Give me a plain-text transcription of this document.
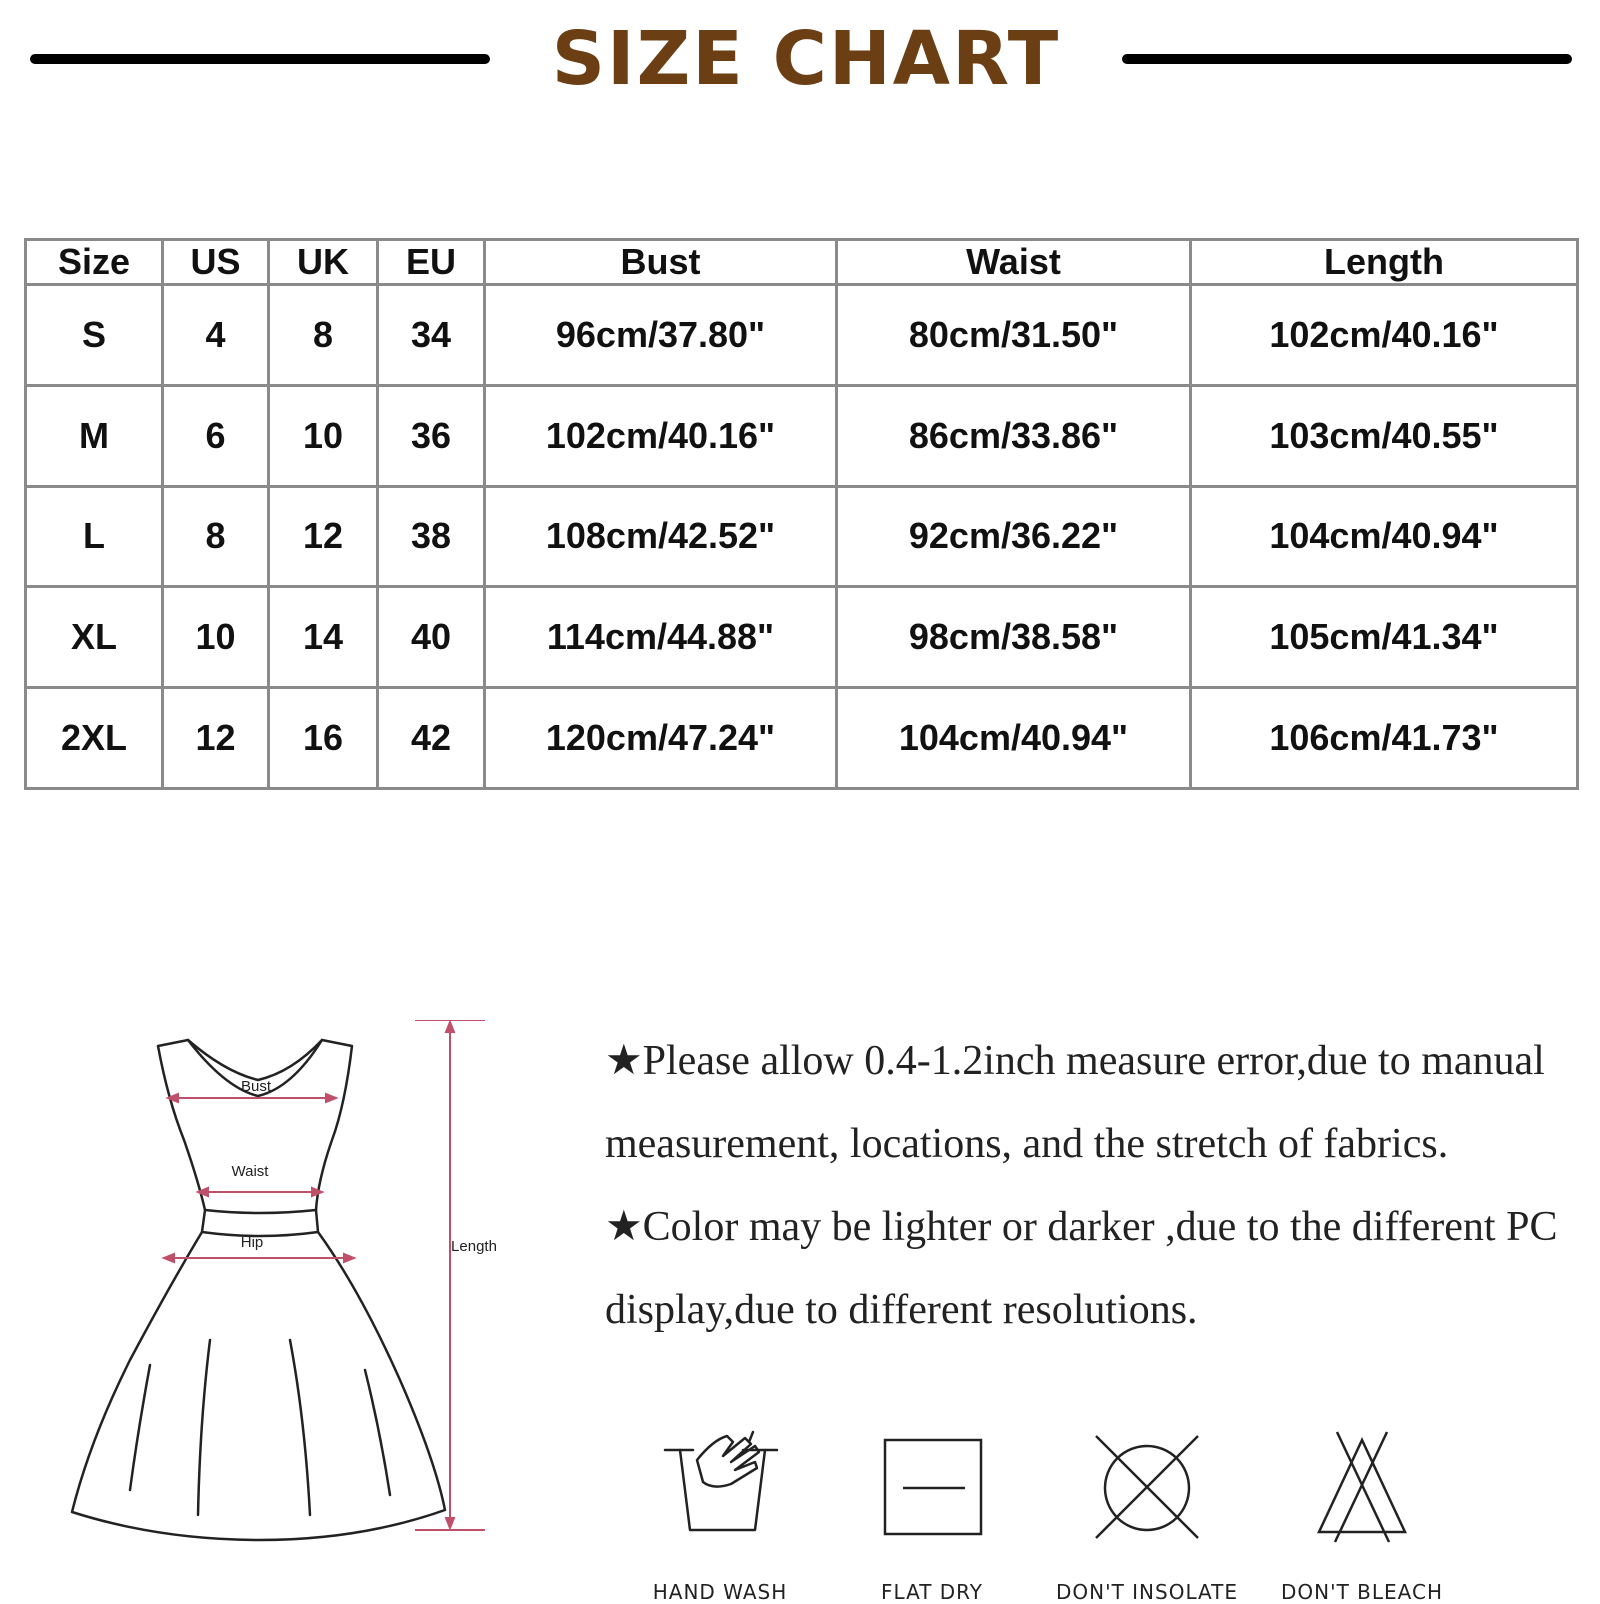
SIZE CHART
Size	US	UK	EU	Bust	Waist	Length
S	4	8	34	96cm/37.80"	80cm/31.50"	102cm/40.16"
M	6	10	36	102cm/40.16"	86cm/33.86"	103cm/40.55"
L	8	12	38	108cm/42.52"	92cm/36.22"	104cm/40.94"
XL	10	14	40	114cm/44.88"	98cm/38.58"	105cm/41.34"
2XL	12	16	42	120cm/47.24"	104cm/40.94"	106cm/41.73"
Bust
Waist
Hip	Length

★Please allow 0.4-1.2inch measure error,due to manual measurement, locations, and the stretch of fabrics.

★Color may be lighter or darker ,due to the different PC display,due to different resolutions.

HAND WASH	FLAT DRY	DON'T INSOLATE	DON'T BLEACH
